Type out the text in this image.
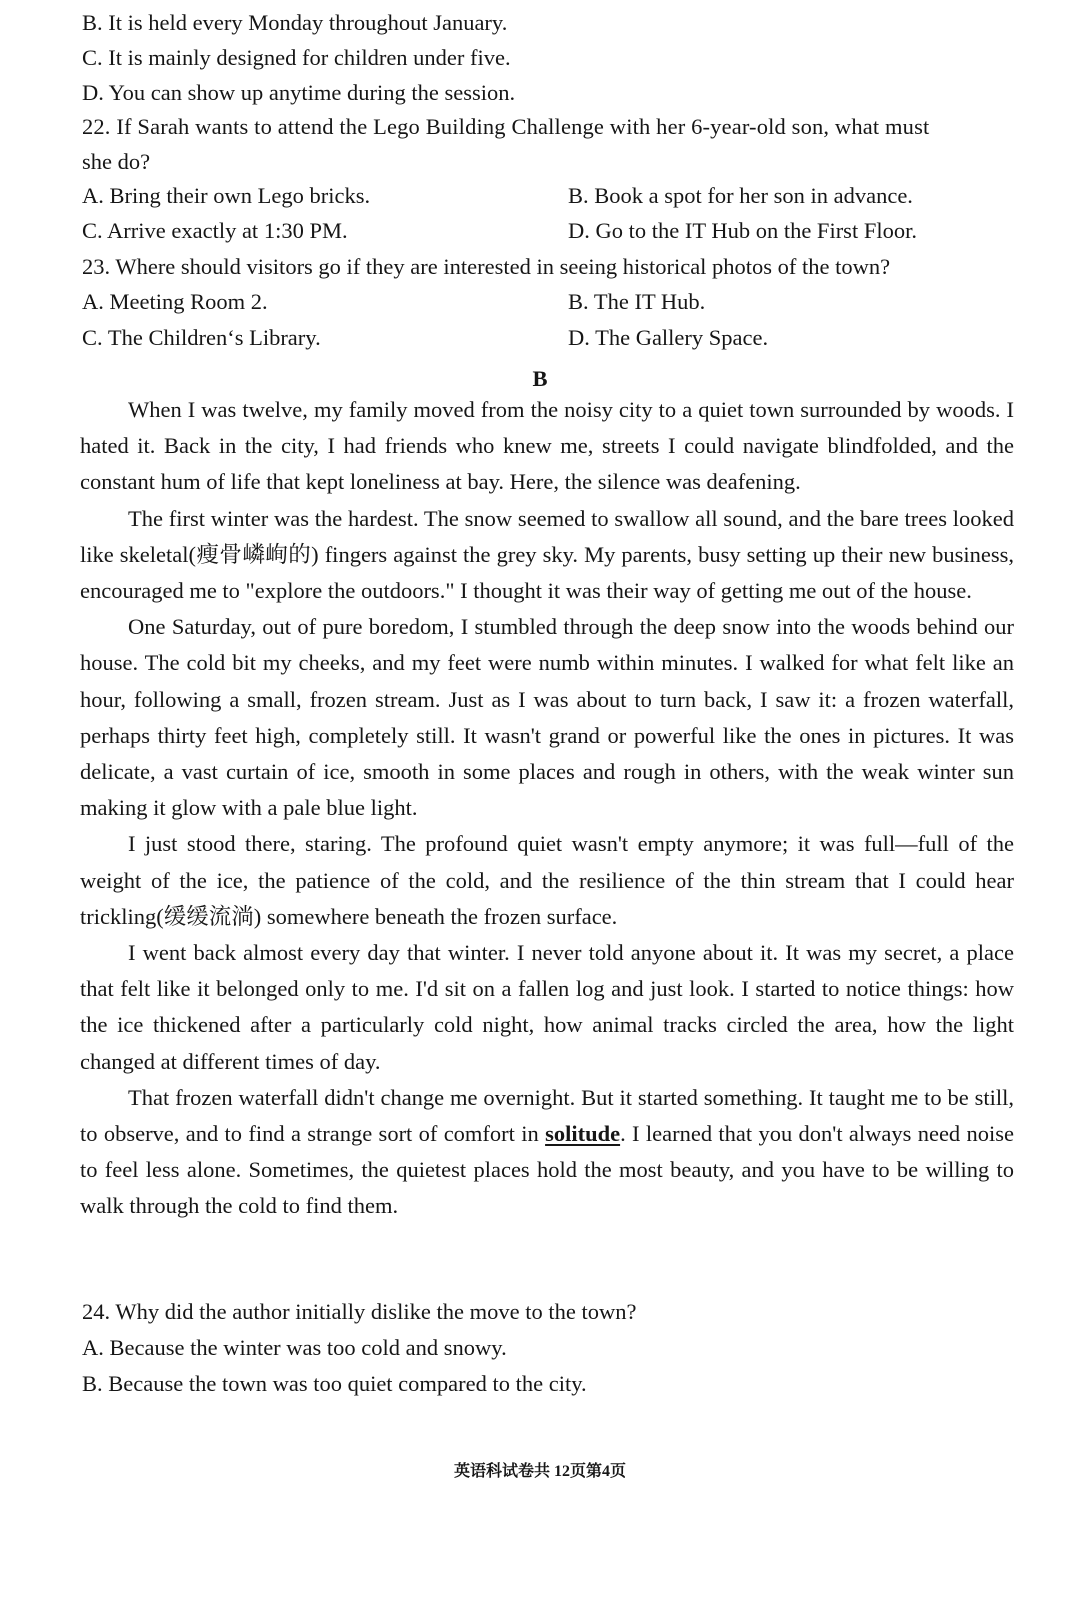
B. It is held every Monday throughout January.
C. It is mainly designed for children under five.
D. You can show up anytime during the session.
22. If Sarah wants to attend the Lego Building Challenge with her 6-year-old son, what must
she do?
A. Bring their own Lego bricks.	B. Book a spot for her son in advance.
C. Arrive exactly at 1:30 PM.	D. Go to the IT Hub on the First Floor.
23. Where should visitors go if they are interested in seeing historical photos of the town?
A. Meeting Room 2.	B. The IT Hub.
C. The Children‘s Library.	D. The Gallery Space.
B

When I was twelve, my family moved from the noisy city to a quiet town surrounded by woods. I hated it. Back in the city, I had friends who knew me, streets I could navigate blindfolded, and the constant hum of life that kept loneliness at bay. Here, the silence was deafening.

The first winter was the hardest. The snow seemed to swallow all sound, and the bare trees looked like skeletal(瘦骨嶙峋的) fingers against the grey sky. My parents, busy setting up their new business, encouraged me to "explore the outdoors." I thought it was their way of getting me out of the house.

One Saturday, out of pure boredom, I stumbled through the deep snow into the woods behind our house. The cold bit my cheeks, and my feet were numb within minutes. I walked for what felt like an hour, following a small, frozen stream. Just as I was about to turn back, I saw it: a frozen waterfall, perhaps thirty feet high, completely still. It wasn't grand or powerful like the ones in pictures. It was delicate, a vast curtain of ice, smooth in some places and rough in others, with the weak winter sun making it glow with a pale blue light.

I just stood there, staring. The profound quiet wasn't empty anymore; it was full—full of the weight of the ice, the patience of the cold, and the resilience of the thin stream that I could hear trickling(缓缓流淌) somewhere beneath the frozen surface.

I went back almost every day that winter. I never told anyone about it. It was my secret, a place that felt like it belonged only to me. I'd sit on a fallen log and just look. I started to notice things: how the ice thickened after a particularly cold night, how animal tracks circled the area, how the light changed at different times of day.

That frozen waterfall didn't change me overnight. But it started something. It taught me to be still, to observe, and to find a strange sort of comfort in solitude. I learned that you don't always need noise to feel less alone. Sometimes, the quietest places hold the most beauty, and you have to be willing to walk through the cold to find them.

24. Why did the author initially dislike the move to the town?
A. Because the winter was too cold and snowy.
B. Because the town was too quiet compared to the city.
英语科试卷共 12页第4页
